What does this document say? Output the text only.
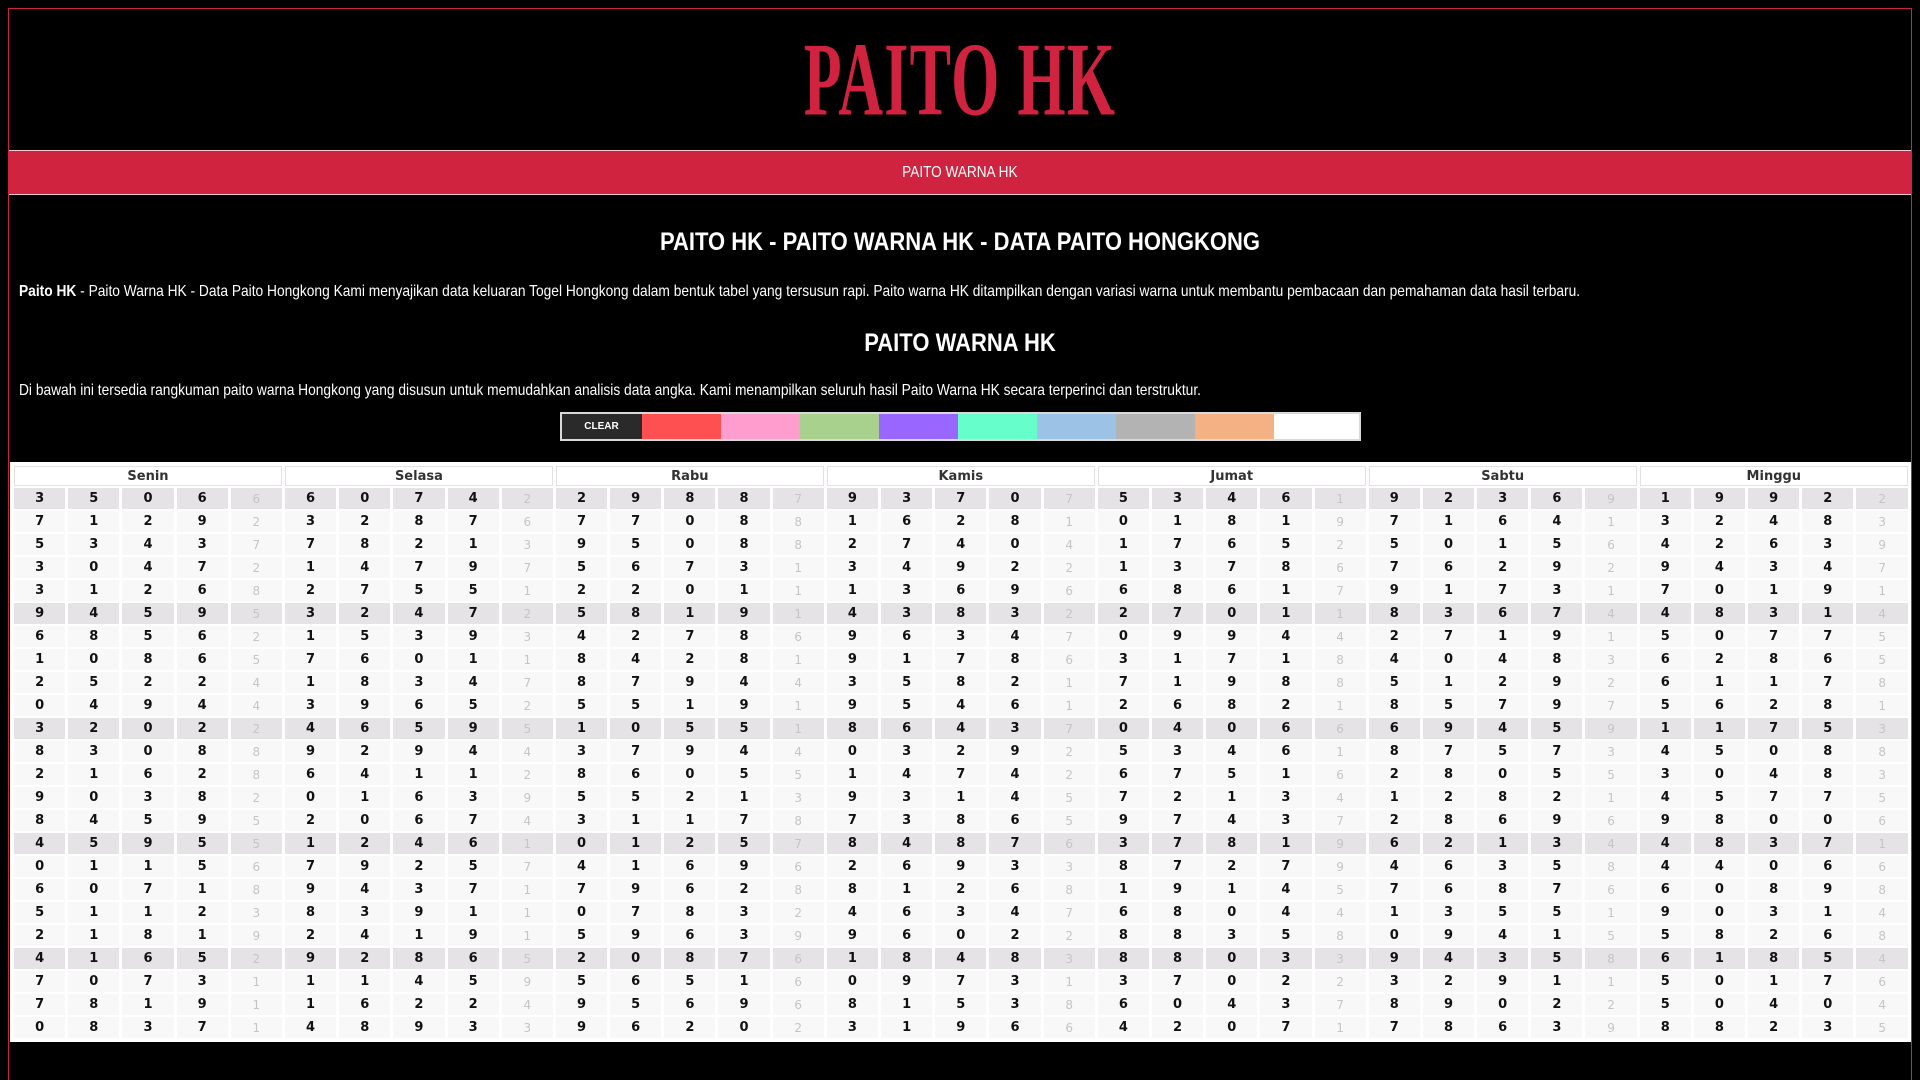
PAITO HK
PAITO WARNA HK
PAITO HK - PAITO WARNA HK - DATA PAITO HONGKONG

Paito HK - Paito Warna HK - Data Paito Hongkong Kami menyajikan data keluaran Togel Hongkong dalam bentuk tabel yang tersusun rapi. Paito warna HK ditampilkan dengan variasi warna untuk membantu pembacaan dan pemahaman data hasil terbaru.

PAITO WARNA HK

Di bawah ini tersedia rangkuman paito warna Hongkong yang disusun untuk memudahkan analisis data angka. Kami menampilkan seluruh hasil Paito Warna HK secara terperinci dan terstruktur.

CLEAR
Senin					Selasa					Rabu					Kamis					Jumat					Sabtu					Minggu				
3	5	0	6	6	6	0	7	4	2	2	9	8	8	7	9	3	7	0	7	5	3	4	6	1	9	2	3	6	9	1	9	9	2	2
7	1	2	9	2	3	2	8	7	6	7	7	0	8	8	1	6	2	8	1	0	1	8	1	9	7	1	6	4	1	3	2	4	8	3
5	3	4	3	7	7	8	2	1	3	9	5	0	8	8	2	7	4	0	4	1	7	6	5	2	5	0	1	5	6	4	2	6	3	9
3	0	4	7	2	1	4	7	9	7	5	6	7	3	1	3	4	9	2	2	1	3	7	8	6	7	6	2	9	2	9	4	3	4	7
3	1	2	6	8	2	7	5	5	1	2	2	0	1	1	1	3	6	9	6	6	8	6	1	7	9	1	7	3	1	7	0	1	9	1
9	4	5	9	5	3	2	4	7	2	5	8	1	9	1	4	3	8	3	2	2	7	0	1	1	8	3	6	7	4	4	8	3	1	4
6	8	5	6	2	1	5	3	9	3	4	2	7	8	6	9	6	3	4	7	0	9	9	4	4	2	7	1	9	1	5	0	7	7	5
1	0	8	6	5	7	6	0	1	1	8	4	2	8	1	9	1	7	8	6	3	1	7	1	8	4	0	4	8	3	6	2	8	6	5
2	5	2	2	4	1	8	3	4	7	8	7	9	4	4	3	5	8	2	1	7	1	9	8	8	5	1	2	9	2	6	1	1	7	8
0	4	9	4	4	3	9	6	5	2	5	5	1	9	1	9	5	4	6	1	2	6	8	2	1	8	5	7	9	7	5	6	2	8	1
3	2	0	2	2	4	6	5	9	5	1	0	5	5	1	8	6	4	3	7	0	4	0	6	6	6	9	4	5	9	1	1	7	5	3
8	3	0	8	8	9	2	9	4	4	3	7	9	4	4	0	3	2	9	2	5	3	4	6	1	8	7	5	7	3	4	5	0	8	8
2	1	6	2	8	6	4	1	1	2	8	6	0	5	5	1	4	7	4	2	6	7	5	1	6	2	8	0	5	5	3	0	4	8	3
9	0	3	8	2	0	1	6	3	9	5	5	2	1	3	9	3	1	4	5	7	2	1	3	4	1	2	8	2	1	4	5	7	7	5
8	4	5	9	5	2	0	6	7	4	3	1	1	7	8	7	3	8	6	5	9	7	4	3	7	2	8	6	9	6	9	8	0	0	6
4	5	9	5	5	1	2	4	6	1	0	1	2	5	7	8	4	8	7	6	3	7	8	1	9	6	2	1	3	4	4	8	3	7	1
0	1	1	5	6	7	9	2	5	7	4	1	6	9	6	2	6	9	3	3	8	7	2	7	9	4	6	3	5	8	4	4	0	6	6
6	0	7	1	8	9	4	3	7	1	7	9	6	2	8	8	1	2	6	8	1	9	1	4	5	7	6	8	7	6	6	0	8	9	8
5	1	1	2	3	8	3	9	1	1	0	7	8	3	2	4	6	3	4	7	6	8	0	4	4	1	3	5	5	1	9	0	3	1	4
2	1	8	1	9	2	4	1	9	1	5	9	6	3	9	9	6	0	2	2	8	8	3	5	8	0	9	4	1	5	5	8	2	6	8
4	1	6	5	2	9	2	8	6	5	2	0	8	7	6	1	8	4	8	3	8	8	0	3	3	9	4	3	5	8	6	1	8	5	4
7	0	7	3	1	1	1	4	5	9	5	6	5	1	6	0	9	7	3	1	3	7	0	2	2	3	2	9	1	1	5	0	1	7	6
7	8	1	9	1	1	6	2	2	4	9	5	6	9	6	8	1	5	3	8	6	0	4	3	7	8	9	0	2	2	5	0	4	0	4
0	8	3	7	1	4	8	9	3	3	9	6	2	0	2	3	1	9	6	6	4	2	0	7	1	7	8	6	3	9	8	8	2	3	5
